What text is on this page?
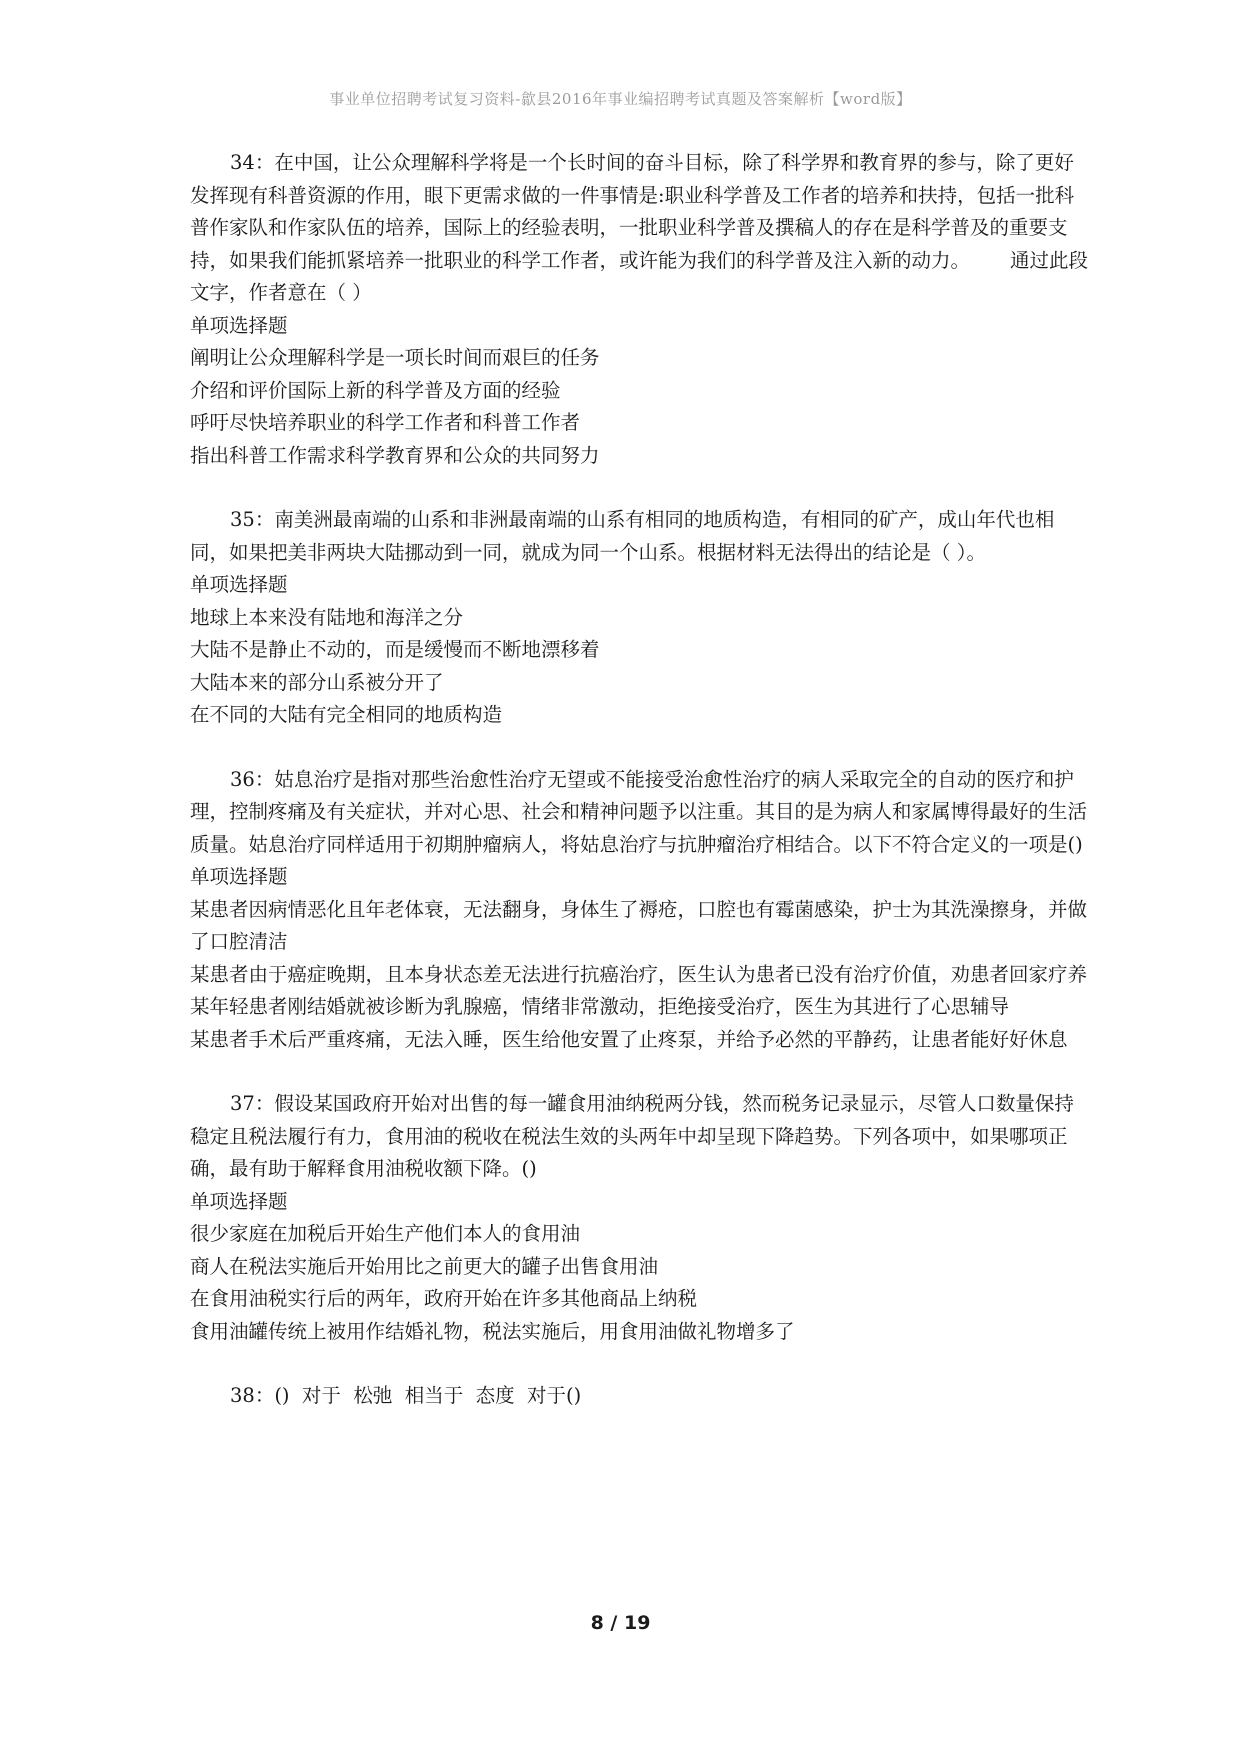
事业单位招聘考试复习资料-歙县2016年事业编招聘考试真题及答案解析【word版】

34：在中国，让公众理解科学将是一个长时间的奋斗目标，除了科学界和教育界的参与，除了更好发挥现有科普资源的作用，眼下更需求做的一件事情是:职业科学普及工作者的培养和扶持，包括一批科普作家队和作家队伍的培养，国际上的经验表明，一批职业科学普及撰稿人的存在是科学普及的重要支持，如果我们能抓紧培养一批职业的科学工作者，或许能为我们的科学普及注入新的动力。 通过此段文字，作者意在（ ）

单项选择题

阐明让公众理解科学是一项长时间而艰巨的任务

介绍和评价国际上新的科学普及方面的经验

呼吁尽快培养职业的科学工作者和科普工作者

指出科普工作需求科学教育界和公众的共同努力

35：南美洲最南端的山系和非洲最南端的山系有相同的地质构造，有相同的矿产，成山年代也相同，如果把美非两块大陆挪动到一同，就成为同一个山系。根据材料无法得出的结论是（ ）。

单项选择题

地球上本来没有陆地和海洋之分

大陆不是静止不动的，而是缓慢而不断地漂移着

大陆本来的部分山系被分开了

在不同的大陆有完全相同的地质构造

36：姑息治疗是指对那些治愈性治疗无望或不能接受治愈性治疗的病人采取完全的自动的医疗和护理，控制疼痛及有关症状，并对心思、社会和精神问题予以注重。其目的是为病人和家属博得最好的生活质量。姑息治疗同样适用于初期肿瘤病人，将姑息治疗与抗肿瘤治疗相结合。以下不符合定义的一项是()

单项选择题

某患者因病情恶化且年老体衰，无法翻身，身体生了褥疮，口腔也有霉菌感染，护士为其洗澡擦身，并做了口腔清洁

某患者由于癌症晚期，且本身状态差无法进行抗癌治疗，医生认为患者已没有治疗价值，劝患者回家疗养

某年轻患者刚结婚就被诊断为乳腺癌，情绪非常激动，拒绝接受治疗，医生为其进行了心思辅导

某患者手术后严重疼痛，无法入睡，医生给他安置了止疼泵，并给予必然的平静药，让患者能好好休息

37：假设某国政府开始对出售的每一罐食用油纳税两分钱，然而税务记录显示，尽管人口数量保持稳定且税法履行有力，食用油的税收在税法生效的头两年中却呈现下降趋势。下列各项中，如果哪项正确，最有助于解释食用油税收额下降。()

单项选择题

很少家庭在加税后开始生产他们本人的食用油

商人在税法实施后开始用比之前更大的罐子出售食用油

在食用油税实行后的两年，政府开始在许多其他商品上纳税

食用油罐传统上被用作结婚礼物，税法实施后，用食用油做礼物增多了

38：()  对于  松弛  相当于  态度  对于()

8 / 19
